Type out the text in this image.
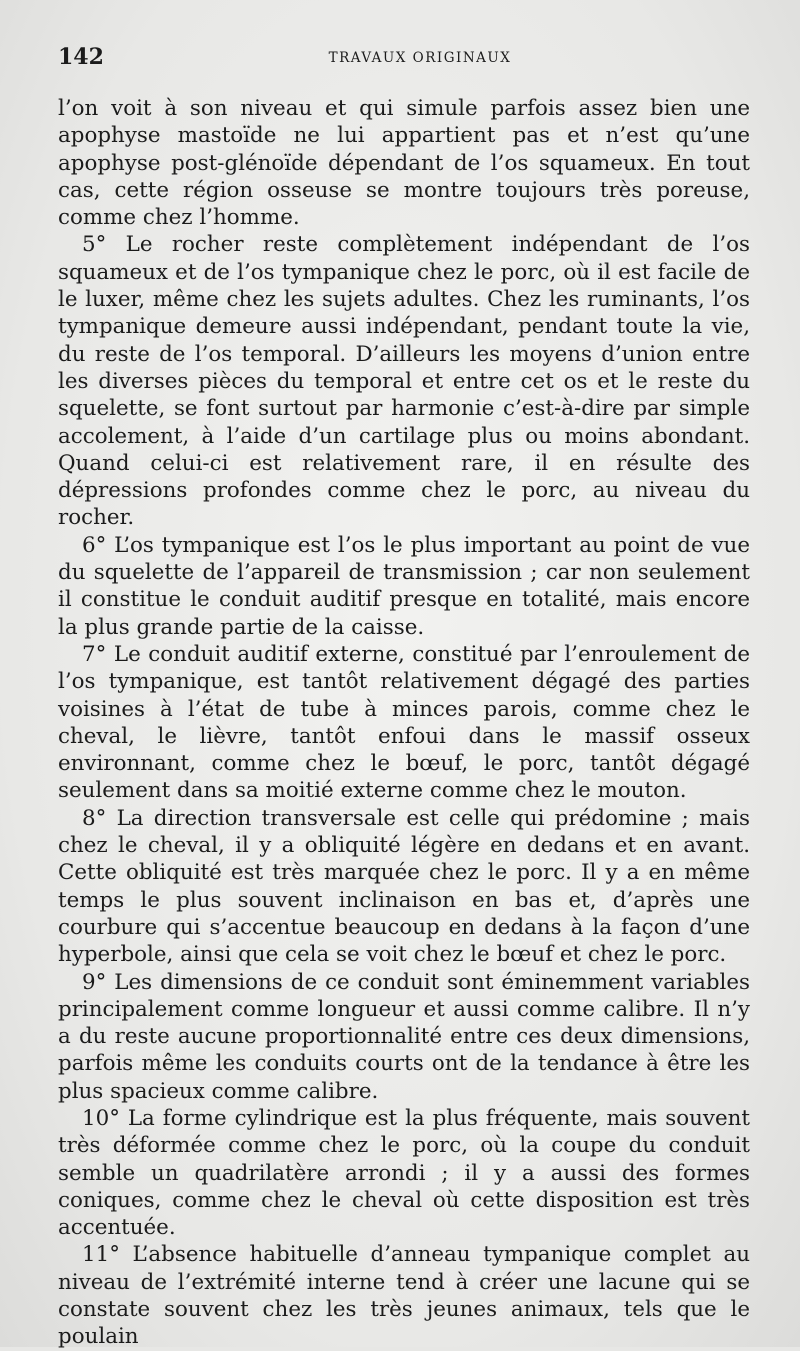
142	TRAVAUX ORIGINAUX

l’on voit à son niveau et qui simule parfois assez bien une apophyse mastoïde ne lui appartient pas et n’est qu’une apophyse post-glénoïde dépendant de l’os squameux. En tout cas, cette région osseuse se montre toujours très poreuse, comme chez l’homme.

5° Le rocher reste complètement indépendant de l’os squameux et de l’os tympanique chez le porc, où il est facile de le luxer, même chez les sujets adultes. Chez les ruminants, l’os tympanique demeure aussi indépendant, pendant toute la vie, du reste de l’os temporal. D’ailleurs les moyens d’union entre les diverses pièces du temporal et entre cet os et le reste du squelette, se font surtout par harmonie c’est-à-dire par simple accolement, à l’aide d’un cartilage plus ou moins abondant. Quand celui-ci est relativement rare, il en résulte des dépressions profondes comme chez le porc, au niveau du rocher.

6° L’os tympanique est l’os le plus important au point de vue du squelette de l’appareil de transmission ; car non seulement il constitue le conduit auditif presque en totalité, mais encore la plus grande partie de la caisse.

7° Le conduit auditif externe, constitué par l’enroulement de l’os tympanique, est tantôt relativement dégagé des parties voisines à l’état de tube à minces parois, comme chez le cheval, le lièvre, tantôt enfoui dans le massif osseux environnant, comme chez le bœuf, le porc, tantôt dégagé seulement dans sa moitié externe comme chez le mouton.

8° La direction transversale est celle qui prédomine ; mais chez le cheval, il y a obliquité légère en dedans et en avant. Cette obliquité est très marquée chez le porc. Il y a en même temps le plus souvent inclinaison en bas et, d’après une courbure qui s’accentue beaucoup en dedans à la façon d’une hyperbole, ainsi que cela se voit chez le bœuf et chez le porc.

9° Les dimensions de ce conduit sont éminemment variables principalement comme longueur et aussi comme calibre. Il n’y a du reste aucune proportionnalité entre ces deux dimensions, parfois même les conduits courts ont de la tendance à être les plus spacieux comme calibre.

10° La forme cylindrique est la plus fréquente, mais souvent très déformée comme chez le porc, où la coupe du conduit semble un quadrilatère arrondi ; il y a aussi des formes coniques, comme chez le cheval où cette disposition est très accentuée.

11° L’absence habituelle d’anneau tympanique complet au niveau de l’extrémité interne tend à créer une lacune qui se constate souvent chez les très jeunes animaux, tels que le poulain
